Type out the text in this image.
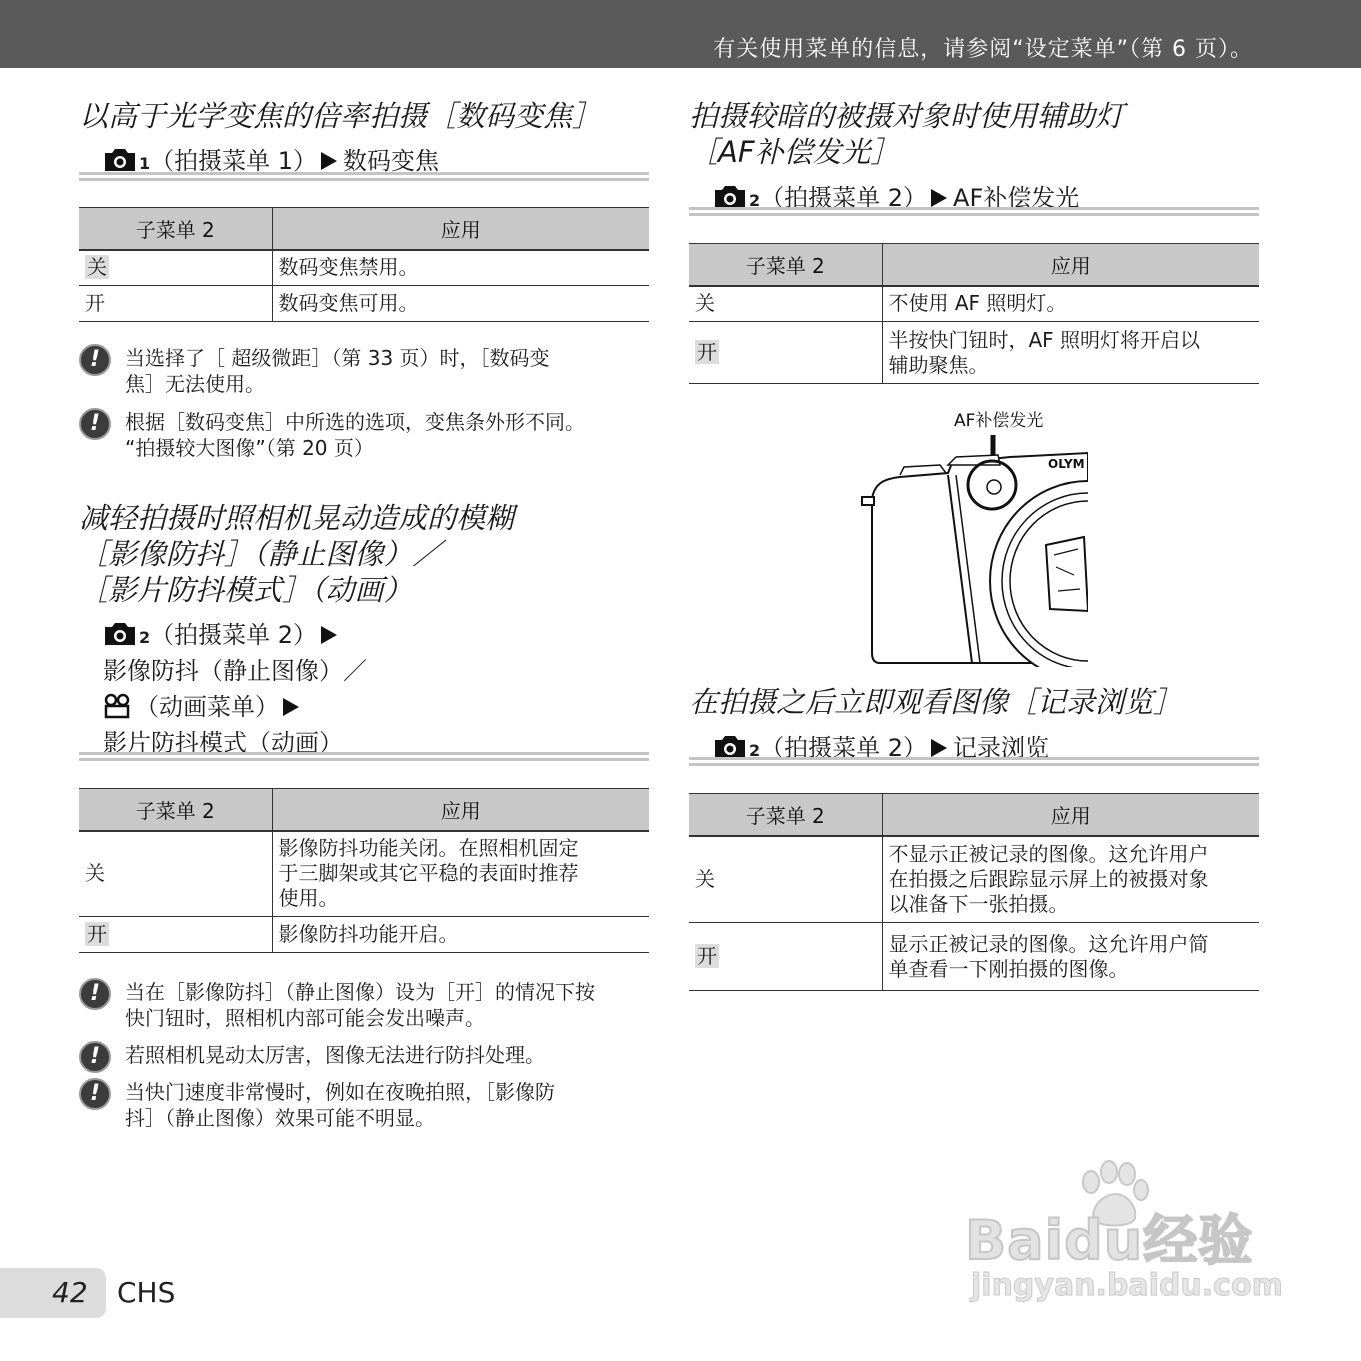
有关使用菜单的信息，请参阅“设定菜单”（第 6 页）。
以高于光学变焦的倍率拍摄［数码变焦］
1（拍摄菜单 1） 数码变焦
子菜单 2	应用
关	数码变焦禁用。
开	数码变焦可用。
!	当选择了［ 超级微距］（第 33 页）时，［数码变
焦］无法使用。
!	根据［数码变焦］中所选的选项，变焦条外形不同。
“拍摄较大图像”（第 20 页）
减轻拍摄时照相机晃动造成的模糊
［影像防抖］（静止图像）／
［影片防抖模式］（动画）
2（拍摄菜单 2）
影像防抖（静止图像）／
（动画菜单）
影片防抖模式（动画）
子菜单 2	应用
关	影像防抖功能关闭。在照相机固定
于三脚架或其它平稳的表面时推荐
使用。
开	影像防抖功能开启。
!	当在［影像防抖］（静止图像）设为［开］的情况下按
快门钮时，照相机内部可能会发出噪声。
!	若照相机晃动太厉害，图像无法进行防抖处理。
!	当快门速度非常慢时，例如在夜晚拍照，［影像防
抖］（静止图像）效果可能不明显。
拍摄较暗的被摄对象时使用辅助灯
［AF补偿发光］
2（拍摄菜单 2） AF补偿发光
子菜单 2	应用
关	不使用 AF 照明灯。
开	半按快门钮时，AF 照明灯将开启以
辅助聚焦。
在拍摄之后立即观看图像［记录浏览］
2（拍摄菜单 2） 记录浏览
子菜单 2	应用
关	不显示正被记录的图像。这允许用户
在拍摄之后跟踪显示屏上的被摄对象
以准备下一张拍摄。
开	显示正被记录的图像。这允许用户简
单查看一下刚拍摄的图像。
AF补偿发光
OLYM
42 CHS
Baidu经验
jingyan.baidu.com
